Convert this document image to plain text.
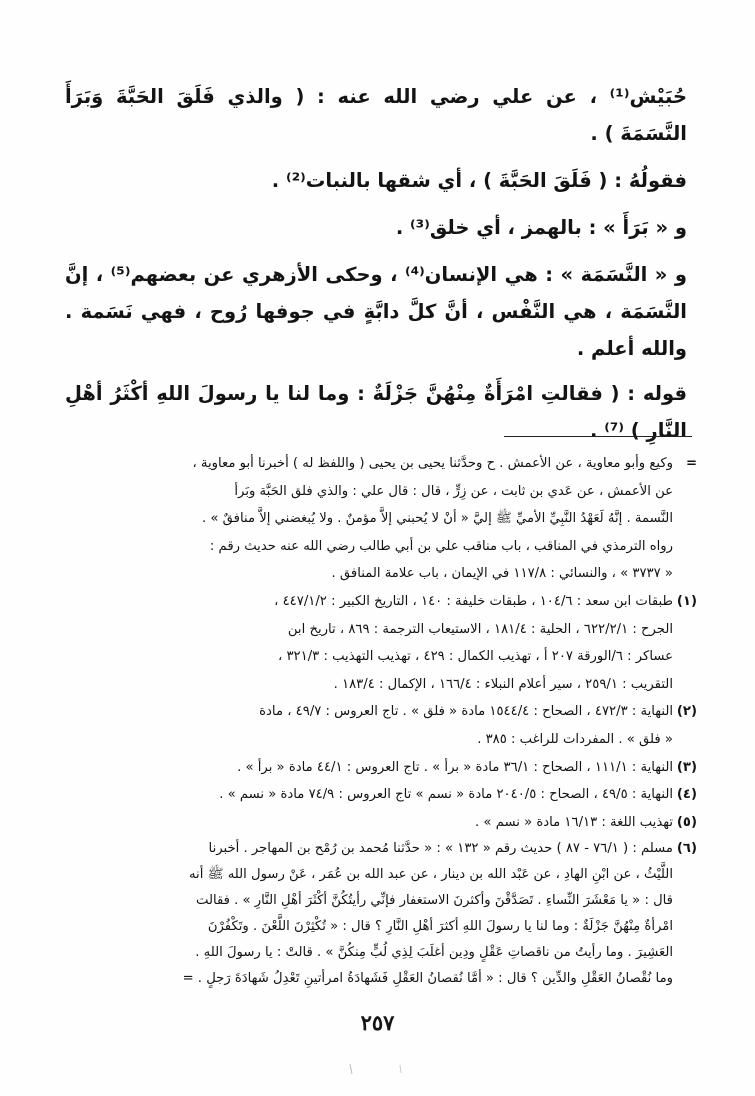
حُبَيْش⁽¹⁾ ، عن علي رضي الله عنه : ( والذي فَلَقَ الحَبَّةَ وَبَرَأَ النَّسَمَةَ ) .

فقولُهُ : ( فَلَقَ الحَبَّةَ ) ، أي شقها بالنبات⁽²⁾ .

و « بَرَأَ » : بالهمز ، أي خلق⁽³⁾ .

و « النَّسَمَة » : هي الإنسان⁽⁴⁾ ، وحكى الأزهري عن بعضهم⁽⁵⁾ ، إنَّ النَّسَمَة ، هي النَّفْس ، أنَّ كلَّ دابَّةٍ في جوفها رُوح ، فهي نَسَمة . والله أعلم .

قوله : ( فقالتِ امْرَأَةٌ مِنْهُنَّ جَزْلَةٌ : وما لنا يا رسولَ اللهِ أكْثَرُ أهْلِ النَّارِ ) ⁽⁷⁾ .

=
وكيع وأبو معاوية ، عن الأعمش . ح وحدَّثنا يحيى بن يحيى ( واللفظ له ) أخبرنا أبو معاوية ،
عن الأعمش ، عن عَدي بن ثابت ، عن زِرٍّ ، قال : قال علي : والذي فلق الحَبَّة وبَرأ
النَّسمة . إنَّهُ لَعَهْدُ النَّبِيِّ الأميِّ ﷺ إليَّ « أنْ لا يُحبني إلاَّ مؤمنٌ . ولا يُبغضني إلاَّ منافقٌ » .
رواه الترمذي في المناقب ، باب مناقب علي بن أبي طالب رضي الله عنه حديث رقم :
« ٣٧٣٧ » ، والنسائي : ١١٧/٨ في الإيمان ، باب علامة المنافق .
(١)
طبقات ابن سعد : ١٠٤/٦ ، طبقات خليفة : ١٤٠ ، التاريخ الكبير : ٤٤٧/١/٢ ،
الجرح : ٦٢٢/٢/١ ، الحلية : ١٨١/٤ ، الاستيعاب الترجمة : ٨٦٩ ، تاريخ ابن
عساكر : ٦/الورقة ٢٠٧ أ ، تهذيب الكمال : ٤٢٩ ، تهذيب التهذيب : ٣٢١/٣ ،
التقريب : ٢٥٩/١ ، سير أعلام النبلاء : ١٦٦/٤ ، الإكمال : ١٨٣/٤ .
(٢)
النهاية : ٤٧٢/٣ ، الصحاح : ١٥٤٤/٤ مادة « فلق » . تاج العروس : ٤٩/٧ ، مادة
« فلق » . المفردات للراغب : ٣٨٥ .
(٣)
النهاية : ١١١/١ ، الصحاح : ٣٦/١ مادة « برأ » . تاج العروس : ٤٤/١ مادة « برأ » .
(٤)
النهاية : ٤٩/٥ ، الصحاح : ٢٠٤٠/٥ مادة « نسم » تاج العروس : ٧٤/٩ مادة « نسم » .
(٥)
تهذيب اللغة : ١٦/١٣ مادة « نسم » .
(٦)
مسلم : ( ٧٦/١ - ٨٧ ) حديث رقم « ١٣٢ » : « حدَّثنا مُحمد بن رُمْح بن المهاجر . أخبرنا
اللَّيْثُ ، عن ابْنِ الهادِ ، عن عَبْد الله بن دينار ، عن عبد الله بن عُمَر ، عَنْ رسول الله ﷺ أنه
قال : « يا مَعْشَرَ النِّساءِ . تَصَدَّقْنَ وأكثرنَ الاستغفار فإنِّي رأيتُكُنَّ أكْثَرَ أهْلِ النَّارِ » . فقالت
امْرأةٌ مِنْهُنَّ جَزْلَةٌ : وما لنا يا رسولَ اللهِ أكثرَ أهْلِ النَّارِ ؟ قال : « تُكْثِرْنَ اللَّعْنَ . وتَكْفُرْنَ
العَشِيرَ . وما رأيتُ من ناقصاتِ عَقْلٍ ودِين أغلَبَ لِذِي لُبٍّ مِنكُنَّ » . قالتْ : يا رسولَ اللهِ .
وما نُقْصانُ العَقْلِ والدِّين ؟ قال : « أمَّا نُقصانُ العَقْلِ فَشَهادَةُ امرأتينِ تَعْدِلُ شَهادَةَ رَجلٍ . =
٢٥٧
